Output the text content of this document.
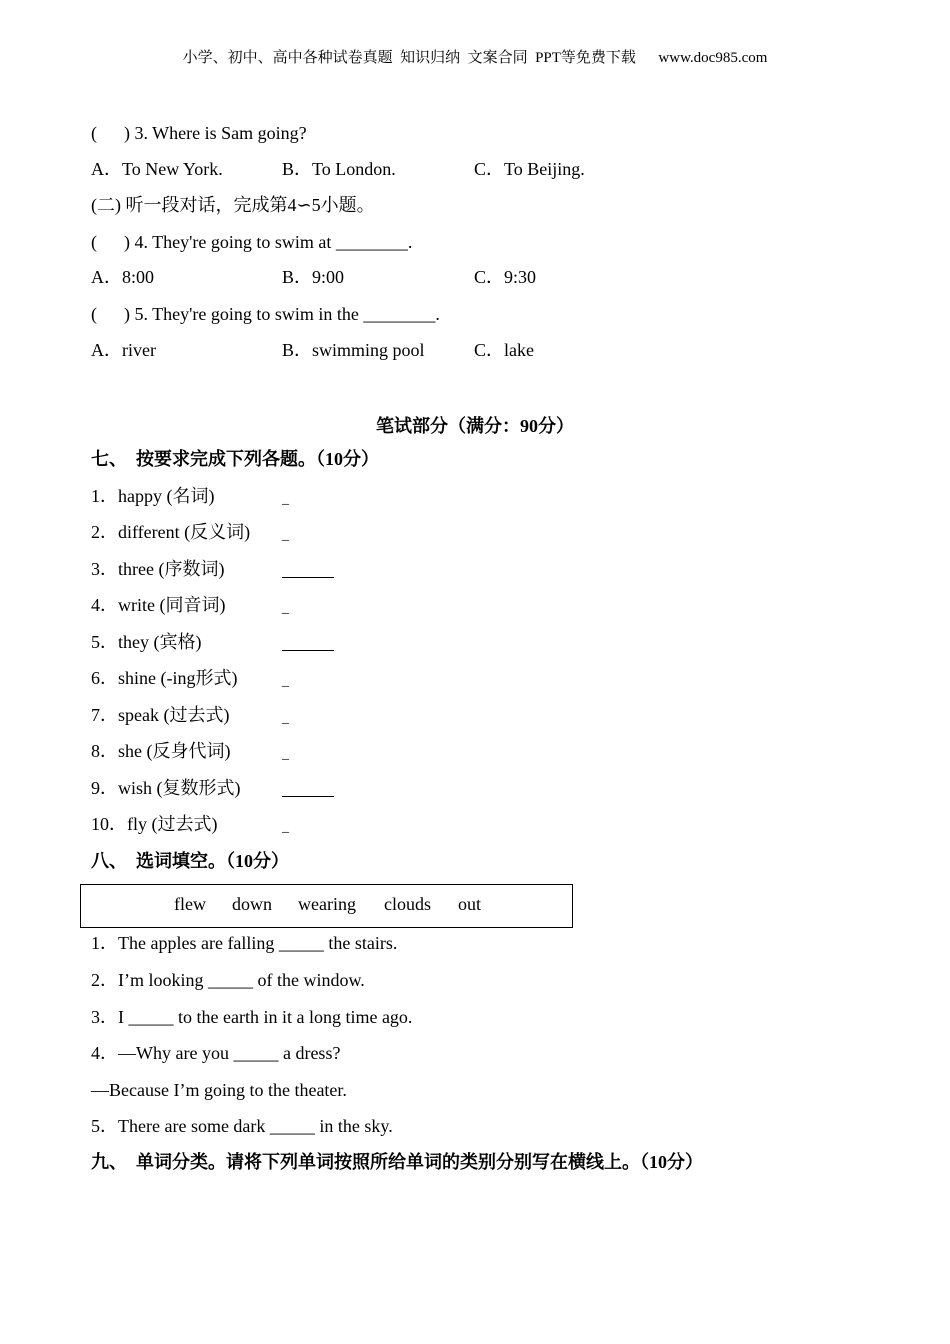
小学、初中、高中各种试卷真题  知识归纳  文案合同  PPT等免费下载      www.doc985.com
(      ) 3. Where is Sam going?
A．To New York.	B．To London.	C．To Beijing.
(二) 听一段对话，完成第4∽5小题。
(      ) 4. They're going to swim at ________.
A．8:00	B．9:00	C．9:30
(      ) 5. They're going to swim in the ________.
A．river	B．swimming pool	C．lake
笔试部分（满分：90分）
七、  按要求完成下列各题。（10分）
1．happy (名词)	_
2．different (反义词) _
3．three (序数词)
4．write (同音词)	_
5．they (宾格)
6．shine (-ing形式)	_
7．speak (过去式)	_
8．she (反身代词)	_
9．wish (复数形式)
10．fly (过去式)	_
八、  选词填空。（10分）
flew down wearing clouds out
1．The apples are falling _____ the stairs.
2．I’m looking _____ of the window.
3．I _____ to the earth in it a long time ago.
4．—Why are you _____ a dress?
—Because I’m going to the theater.
5．There are some dark _____ in the sky.
九、  单词分类。请将下列单词按照所给单词的类别分别写在横线上。（10分）
